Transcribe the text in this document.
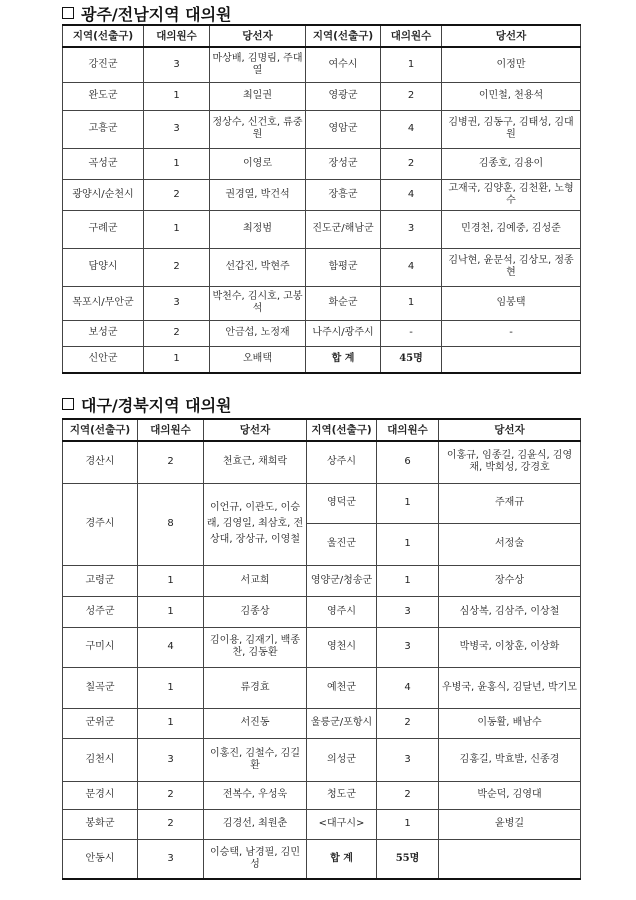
광주/전남지역 대의원
지역(선출구)	대의원수	당선자	지역(선출구)	대의원수	당선자
강진군	3	마상배, 김명림, 주대열	여수시	1	이정만
완도군	1	최일권	영광군	2	이민철, 천용석
고흥군	3	정상수, 신건호, 류중원	영암군	4	김병권, 김동구, 김태성, 김대원
곡성군	1	이영로	장성군	2	김종호, 김용이
광양시/순천시	2	권경열, 박건석	장흥군	4	고재국, 김양훈, 김천환, 노형수
구례군	1	최정범	진도군/해남군	3	민경천, 김예중, 김성준
담양시	2	선갑진, 박현주	함평군	4	김낙현, 윤문석, 김상모, 정종현
목포시/무안군	3	박천수, 김시호, 고봉석	화순군	1	임봉택
보성군	2	안금섭, 노정재	나주시/광주시	-	-
신안군	1	오배택	합 계	45명	
대구/경북지역 대의원
지역(선출구)	대의원수	당선자	지역(선출구)	대의원수	당선자
경산시	2	천효근, 채희락	상주시	6	이홍규, 임종길, 김윤식, 김영채, 박희성, 강경호
경주시	8	이언규, 이관도, 이승래, 김영일, 최삼호, 전상대, 장상규, 이영철	영덕군	1	주재규
			울진군	1	서정술
고령군	1	서교희	영양군/청송군	1	장수상
성주군	1	김종상	영주시	3	심상복, 김삼주, 이상철
구미시	4	김이용, 김재기, 백종찬, 김동환	영천시	3	박병국, 이창훈, 이상화
칠곡군	1	류경효	예천군	4	우병국, 윤홍식, 김달년, 박기모
군위군	1	서진동	울릉군/포항시	2	이동활, 배남수
김천시	3	이홍진, 김철수, 김길환	의성군	3	김홍길, 박효발, 신종경
문경시	2	전복수, 우성욱	청도군	2	박순덕, 김영대
봉화군	2	김경선, 최원춘	<대구시>	1	윤병길
안동시	3	이승택, 남경필, 김민성	합 계	55명	
